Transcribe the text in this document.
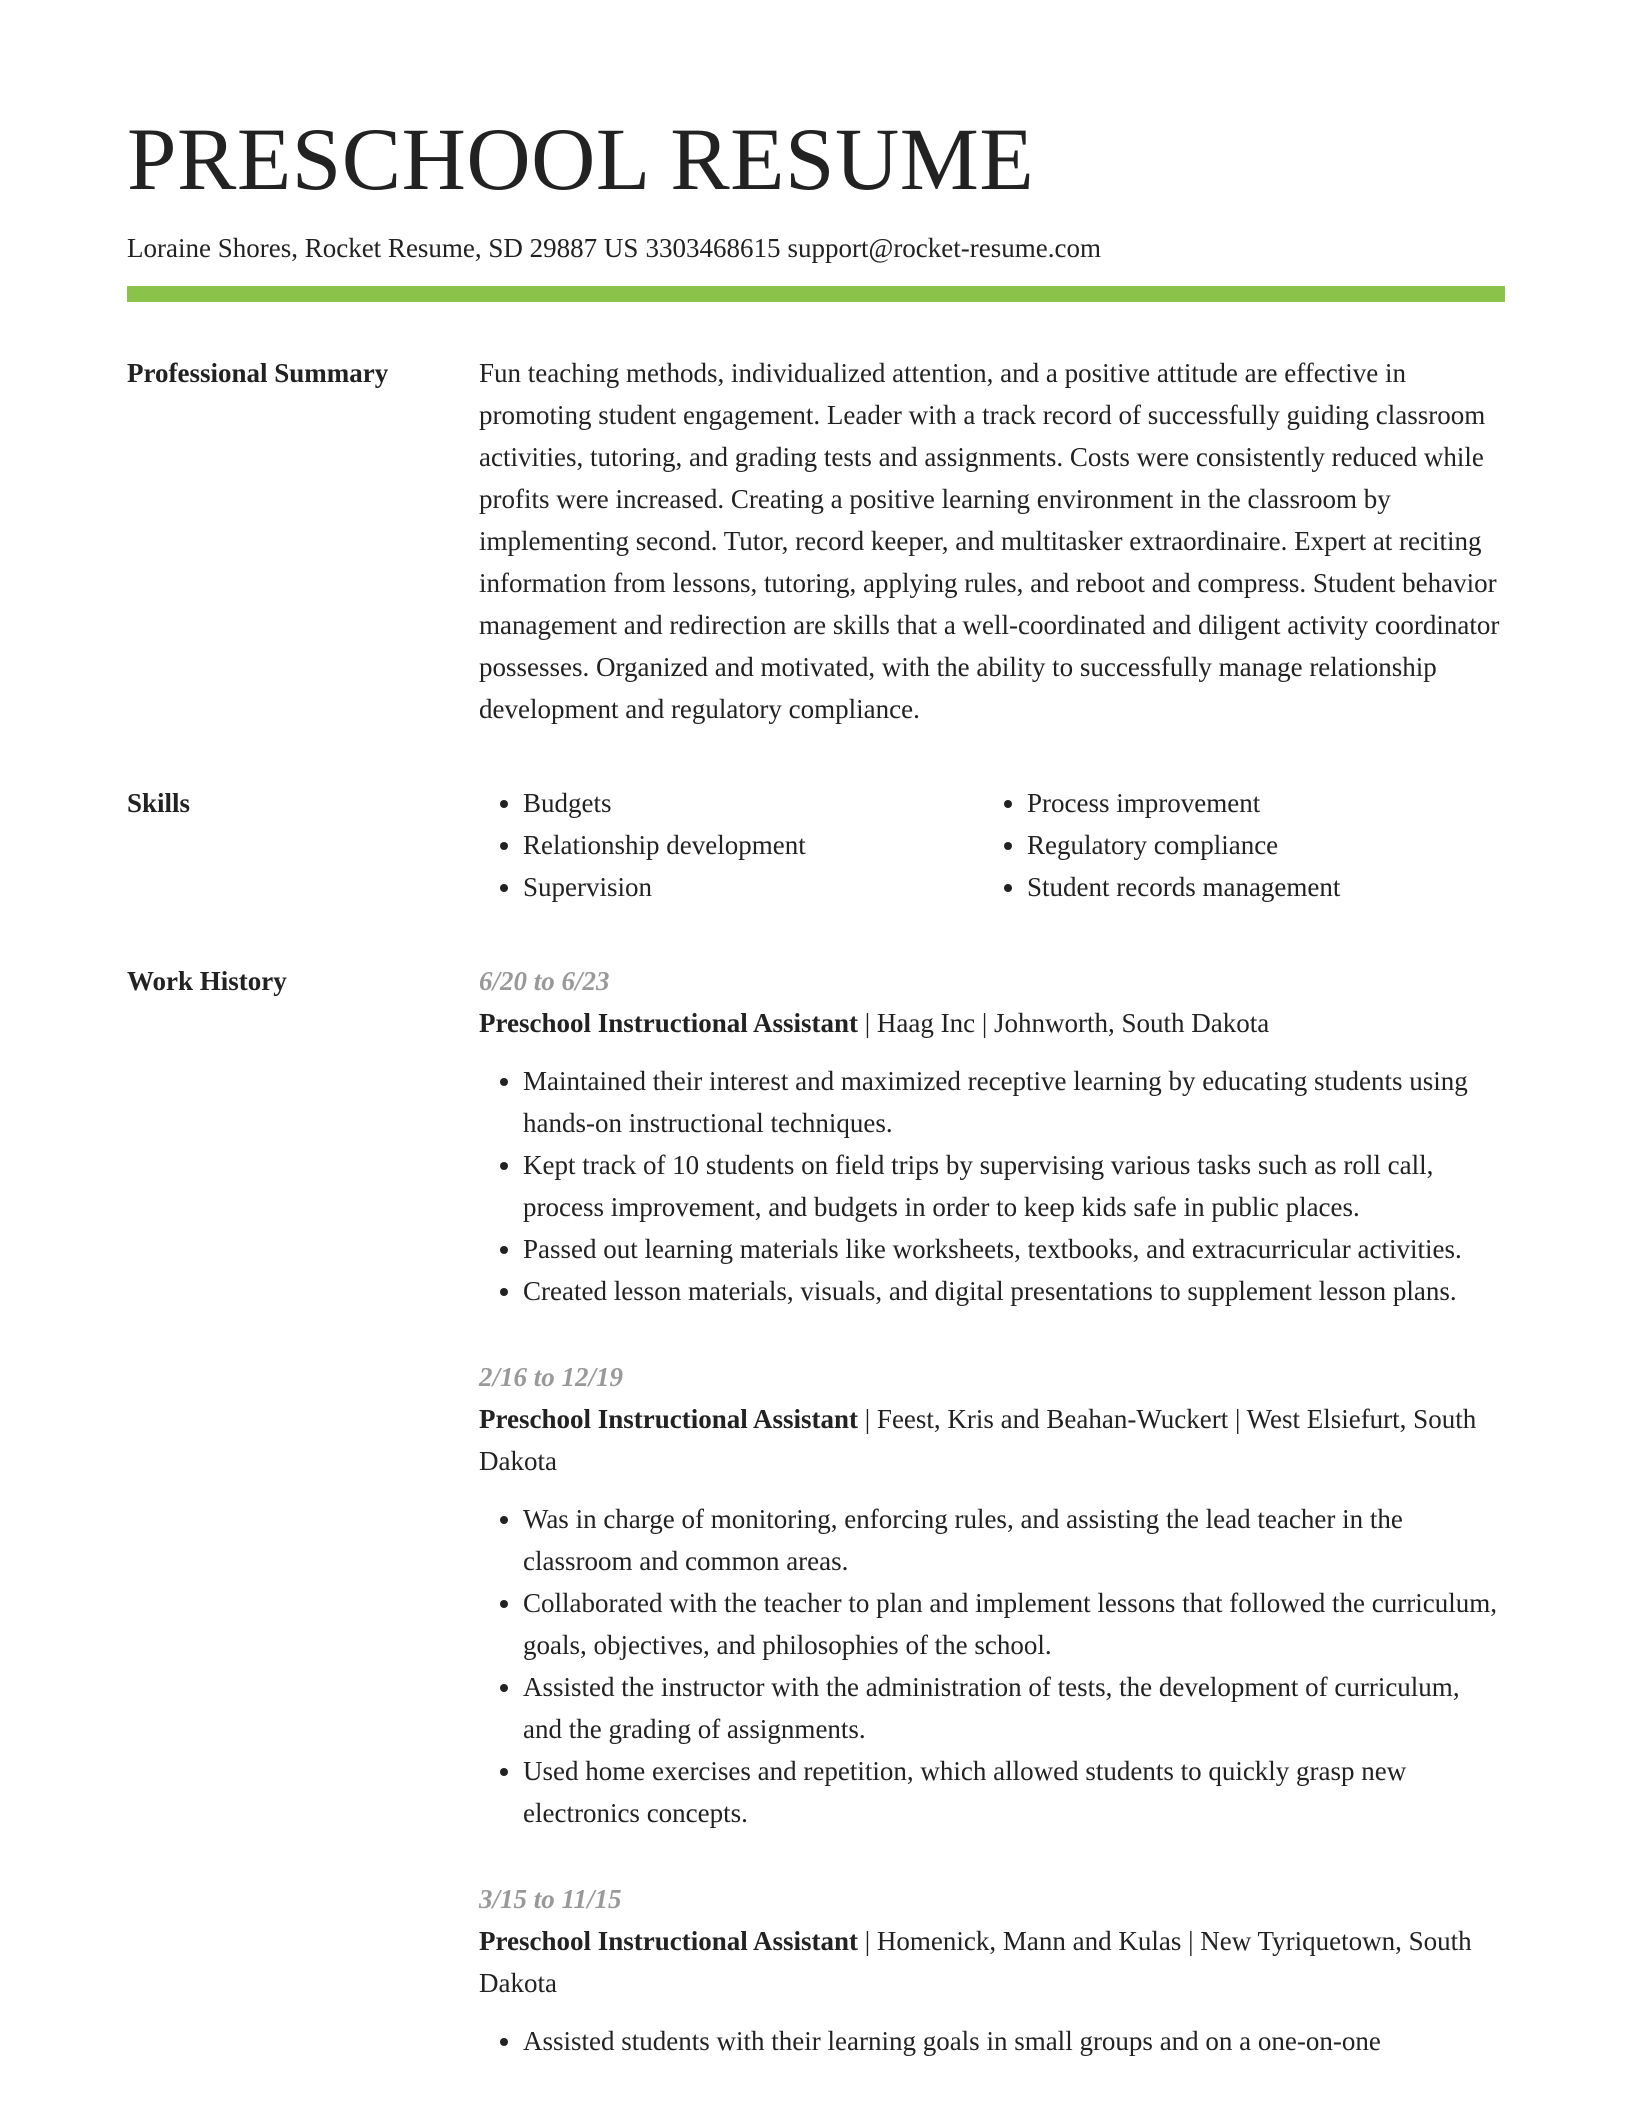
PRESCHOOL RESUME
Loraine Shores, Rocket Resume, SD 29887 US 3303468615 support@rocket-resume.com
Professional Summary	Fun teaching methods, individualized attention, and a positive attitude are effective in promoting student engagement. Leader with a track record of successfully guiding classroom activities, tutoring, and grading tests and assignments. Costs were consistently reduced while profits were increased. Creating a positive learning environment in the classroom by implementing second. Tutor, record keeper, and multitasker extraordinaire. Expert at reciting information from lessons, tutoring, applying rules, and reboot and compress. Student behavior management and redirection are skills that a well-coordinated and diligent activity coordinator possesses. Organized and motivated, with the ability to successfully manage relationship development and regulatory compliance.

Skills
•	Budgets
• Relationship development
• Supervision
• Process improvement
• Regulatory compliance
• Student records management
Work History	6/20 to 6/23
Preschool Instructional Assistant | Haag Inc | Johnworth, South Dakota
• Maintained their interest and maximized receptive learning by educating students using hands-on instructional techniques.
• Kept track of 10 students on field trips by supervising various tasks such as roll call, process improvement, and budgets in order to keep kids safe in public places.
• Passed out learning materials like worksheets, textbooks, and extracurricular activities.
• Created lesson materials, visuals, and digital presentations to supplement lesson plans.
2/16 to 12/19
Preschool Instructional Assistant | Feest, Kris and Beahan-Wuckert | West Elsiefurt, South Dakota
• Was in charge of monitoring, enforcing rules, and assisting the lead teacher in the classroom and common areas.
• Collaborated with the teacher to plan and implement lessons that followed the curriculum, goals, objectives, and philosophies of the school.
• Assisted the instructor with the administration of tests, the development of curriculum, and the grading of assignments.
• Used home exercises and repetition, which allowed students to quickly grasp new electronics concepts.
3/15 to 11/15
Preschool Instructional Assistant | Homenick, Mann and Kulas | New Tyriquetown, South Dakota
• Assisted students with their learning goals in small groups and on a one-on-one
